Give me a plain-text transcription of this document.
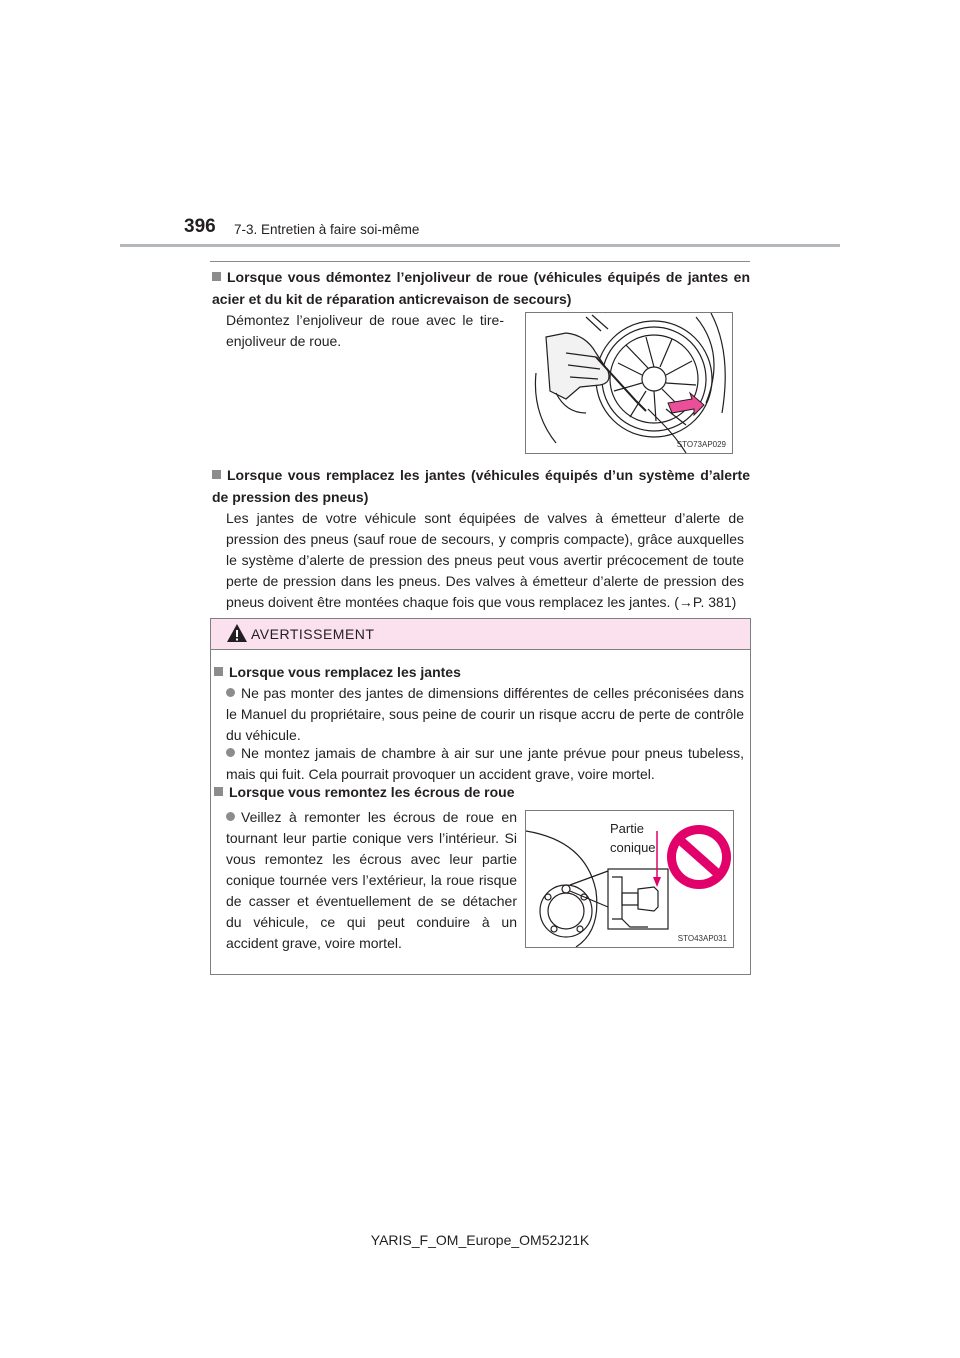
396 7-3. Entretien à faire soi-même
Lorsque vous démontez l’enjoliveur de roue (véhicules équipés de jantes en acier et du kit de réparation anticrevaison de secours)
Démontez l’enjoliveur de roue avec le tire-enjoliveur de roue.
STO73AP029
Lorsque vous remplacez les jantes (véhicules équipés d’un système d’alerte de pression des pneus)
Les jantes de votre véhicule sont équipées de valves à émetteur d’alerte de pression des pneus (sauf roue de secours, y compris compacte), grâce auxquelles le système d’alerte de pression des pneus peut vous avertir précocement de toute perte de pression dans les pneus. Des valves à émetteur d’alerte de pression des pneus doivent être montées chaque fois que vous remplacez les jantes. (→P. 381)
AVERTISSEMENT
Lorsque vous remplacez les jantes
Ne pas monter des jantes de dimensions différentes de celles préconisées dans le Manuel du propriétaire, sous peine de courir un risque accru de perte de contrôle du véhicule.
Ne montez jamais de chambre à air sur une jante prévue pour pneus tubeless, mais qui fuit. Cela pourrait provoquer un accident grave, voire mortel.
Lorsque vous remontez les écrous de roue
Veillez à remonter les écrous de roue en tournant leur partie conique vers l’intérieur. Si vous remontez les écrous avec leur partie conique tournée vers l’extérieur, la roue risque de casser et éventuellement de se détacher du véhicule, ce qui peut conduire à un accident grave, voire mortel.
Partie
conique
STO43AP031
YARIS_F_OM_Europe_OM52J21K
